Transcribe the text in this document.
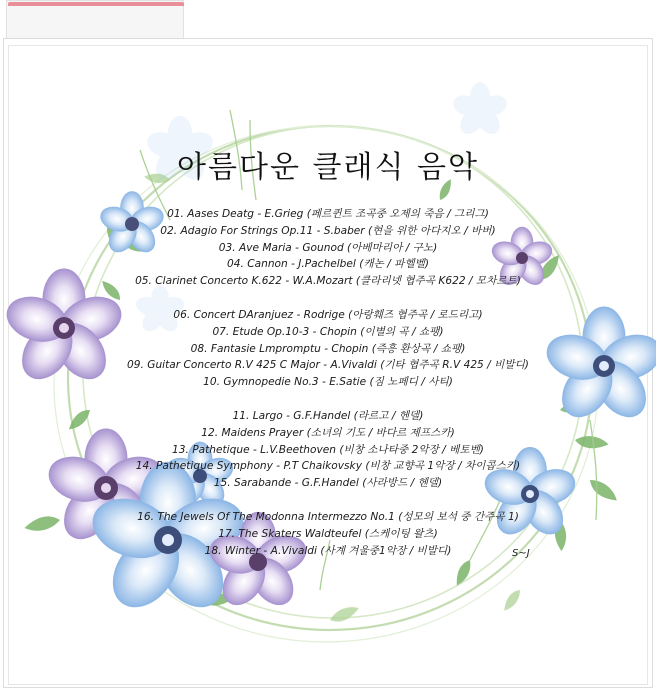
아름다운 클래식 음악
01. Aases Deatg - E.Grieg (페르퀸트 조곡중 오제의 죽음 / 그리그)
02. Adagio For Strings Op.11 - S.baber (현을 위한 아다지오 / 바버)
03. Ave Maria - Gounod (아베마리아 / 구노)
04. Cannon - J.Pachelbel (캐논 / 파헬벨)
05. Clarinet Concerto K.622 - W.A.Mozart (클라리넷 협주곡 K622 / 모차르트)
06. Concert DAranjuez - Rodrige (아랑훼즈 협주곡 / 로드리고)
07. Etude Op.10-3 - Chopin (이별의 곡 / 쇼팽)
08. Fantasie Lmpromptu - Chopin (즉흥 환상곡 / 쇼팽)
09. Guitar Concerto R.V 425 C Major - A.Vivaldi (기타 협주곡 R.V 425 / 비발디)
10. Gymnopedie No.3 - E.Satie (짐 노페디 / 사티)
11. Largo - G.F.Handel (라르고 / 헨델)
12. Maidens Prayer (소녀의 기도 / 바다르 제프스카)
13. Pathetique - L.V.Beethoven (비창 소나타중 2악장 / 베토벤)
14. Pathetique Symphony - P.T Chaikovsky (비창 교향곡 1악장 / 차이콥스키)
15. Sarabande - G.F.Handel (사라방드 / 헨델)
16. The Jewels Of The Modonna Intermezzo No.1 (성모의 보석 중 간주곡 1)
17. The Skaters Waldteufel (스케이팅 왈츠)
18. Winter - A.Vivaldi (사계 겨울중1악장 / 비발디)	S~J
